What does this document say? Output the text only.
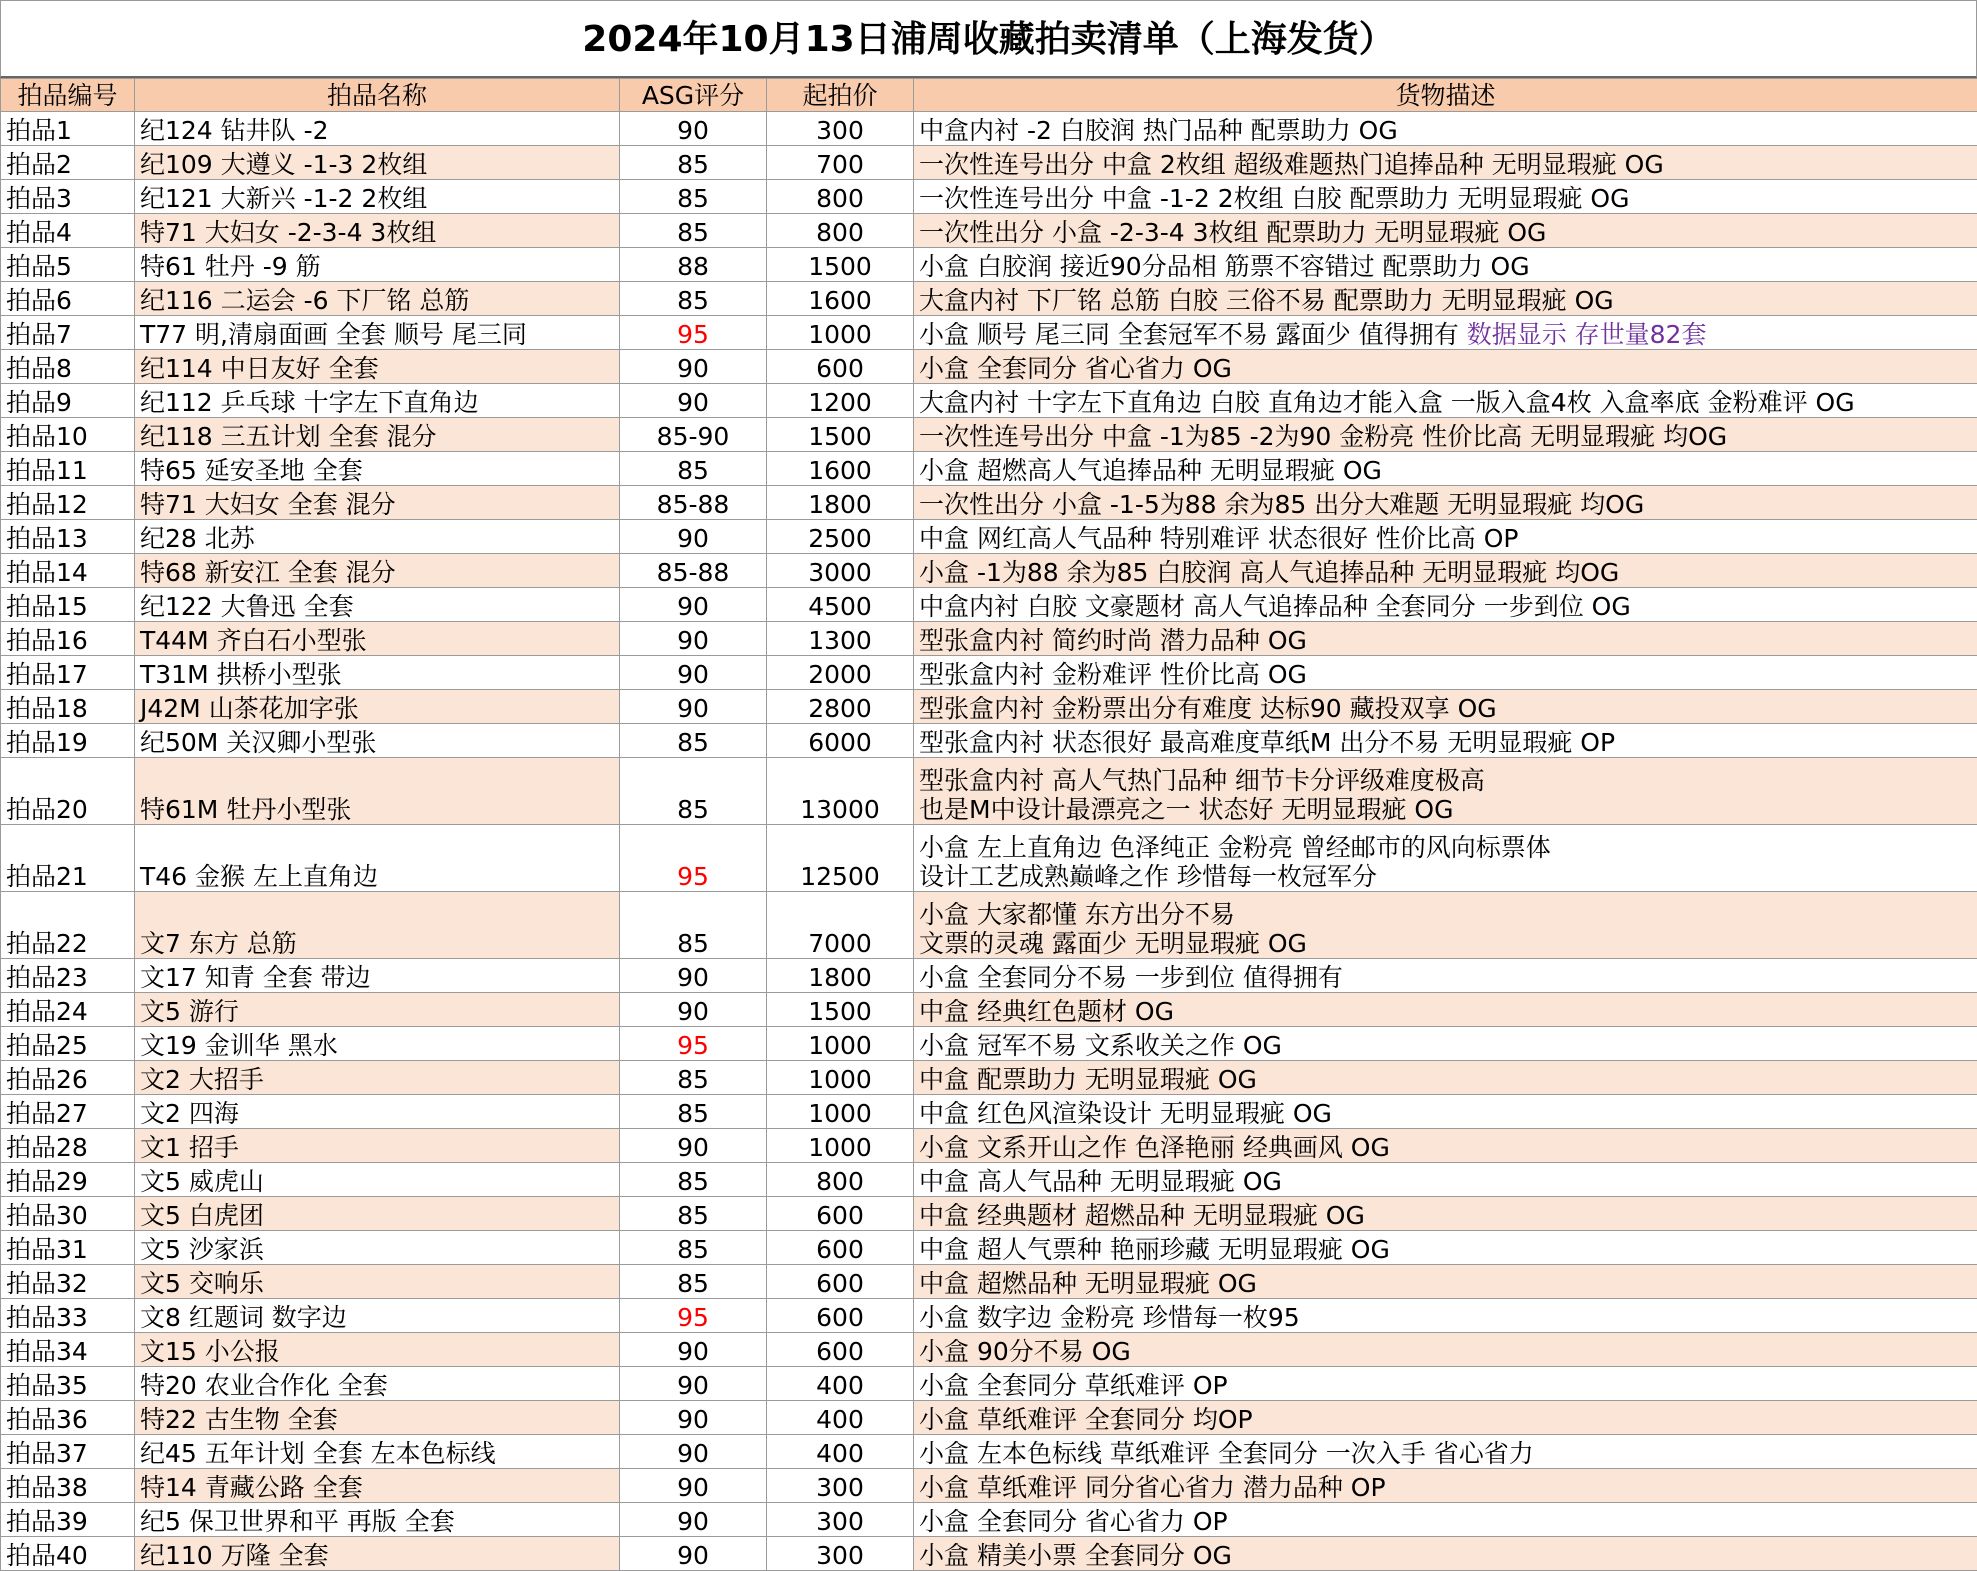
2024年10月13日浦周收藏拍卖清单（上海发货）
拍品编号	拍品名称	ASG评分	起拍价	货物描述
拍品1	纪124 钻井队 -2	90	300	中盒内衬 -2 白胶润 热门品种 配票助力 OG

拍品2	纪109 大遵义 -1-3 2枚组	85	700	一次性连号出分 中盒 2枚组 超级难题热门追捧品种 无明显瑕疵 OG

拍品3	纪121 大新兴 -1-2 2枚组	85	800	一次性连号出分 中盒 -1-2 2枚组 白胶 配票助力 无明显瑕疵 OG

拍品4	特71 大妇女 -2-3-4 3枚组	85	800	一次性出分 小盒 -2-3-4 3枚组 配票助力 无明显瑕疵 OG

拍品5	特61 牡丹 -9 筋	88	1500	小盒 白胶润 接近90分品相 筋票不容错过 配票助力 OG

拍品6	纪116 二运会 -6 下厂铭 总筋	85	1600	大盒内衬 下厂铭 总筋 白胶 三俗不易 配票助力 无明显瑕疵 OG

拍品7	T77 明,清扇面画 全套 顺号 尾三同	95	1000	小盒 顺号 尾三同 全套冠军不易 露面少 值得拥有 数据显示 存世量82套

拍品8	纪114 中日友好 全套	90	600	小盒 全套同分 省心省力 OG

拍品9	纪112 乒乓球 十字左下直角边	90	1200	大盒内衬 十字左下直角边 白胶 直角边才能入盒 一版入盒4枚 入盒率底 金粉难评 OG

拍品10	纪118 三五计划 全套 混分	85-90	1500	一次性连号出分 中盒 -1为85 -2为90 金粉亮 性价比高 无明显瑕疵 均OG

拍品11	特65 延安圣地 全套	85	1600	小盒 超燃高人气追捧品种 无明显瑕疵 OG

拍品12	特71 大妇女 全套 混分	85-88	1800	一次性出分 小盒 -1-5为88 余为85 出分大难题 无明显瑕疵 均OG

拍品13	纪28 北苏	90	2500	中盒 网红高人气品种 特别难评 状态很好 性价比高 OP

拍品14	特68 新安江 全套 混分	85-88	3000	小盒 -1为88 余为85 白胶润 高人气追捧品种 无明显瑕疵 均OG

拍品15	纪122 大鲁迅 全套	90	4500	中盒内衬 白胶 文豪题材 高人气追捧品种 全套同分 一步到位 OG

拍品16	T44M 齐白石小型张	90	1300	型张盒内衬 简约时尚 潜力品种 OG

拍品17	T31M 拱桥小型张	90	2000	型张盒内衬 金粉难评 性价比高 OG

拍品18	J42M 山茶花加字张	90	2800	型张盒内衬 金粉票出分有难度 达标90 藏投双享 OG

拍品19	纪50M 关汉卿小型张	85	6000	型张盒内衬 状态很好 最高难度草纸M 出分不易 无明显瑕疵 OP

拍品20	特61M 牡丹小型张	85	13000	型张盒内衬 高人气热门品种 细节卡分评级难度极高
也是M中设计最漂亮之一 状态好 无明显瑕疵 OG

拍品21	T46 金猴 左上直角边	95	12500	小盒 左上直角边 色泽纯正 金粉亮 曾经邮市的风向标票体
设计工艺成熟巅峰之作 珍惜每一枚冠军分

拍品22	文7 东方 总筋	85	7000	小盒 大家都懂 东方出分不易
文票的灵魂 露面少 无明显瑕疵 OG

拍品23	文17 知青 全套 带边	90	1800	小盒 全套同分不易 一步到位 值得拥有

拍品24	文5 游行	90	1500	中盒 经典红色题材 OG

拍品25	文19 金训华 黑水	95	1000	小盒 冠军不易 文系收关之作 OG

拍品26	文2 大招手	85	1000	中盒 配票助力 无明显瑕疵 OG

拍品27	文2 四海	85	1000	中盒 红色风渲染设计 无明显瑕疵 OG

拍品28	文1 招手	90	1000	小盒 文系开山之作 色泽艳丽 经典画风 OG

拍品29	文5 威虎山	85	800	中盒 高人气品种 无明显瑕疵 OG

拍品30	文5 白虎团	85	600	中盒 经典题材 超燃品种 无明显瑕疵 OG

拍品31	文5 沙家浜	85	600	中盒 超人气票种 艳丽珍藏 无明显瑕疵 OG

拍品32	文5 交响乐	85	600	中盒 超燃品种 无明显瑕疵 OG

拍品33	文8 红题词 数字边	95	600	小盒 数字边 金粉亮 珍惜每一枚95

拍品34	文15 小公报	90	600	小盒 90分不易 OG

拍品35	特20 农业合作化 全套	90	400	小盒 全套同分 草纸难评 OP

拍品36	特22 古生物 全套	90	400	小盒 草纸难评 全套同分 均OP

拍品37	纪45 五年计划 全套 左本色标线	90	400	小盒 左本色标线 草纸难评 全套同分 一次入手 省心省力

拍品38	特14 青藏公路 全套	90	300	小盒 草纸难评 同分省心省力 潜力品种 OP

拍品39	纪5 保卫世界和平 再版 全套	90	300	小盒 全套同分 省心省力 OP

拍品40	纪110 万隆 全套	90	300	小盒 精美小票 全套同分 OG
